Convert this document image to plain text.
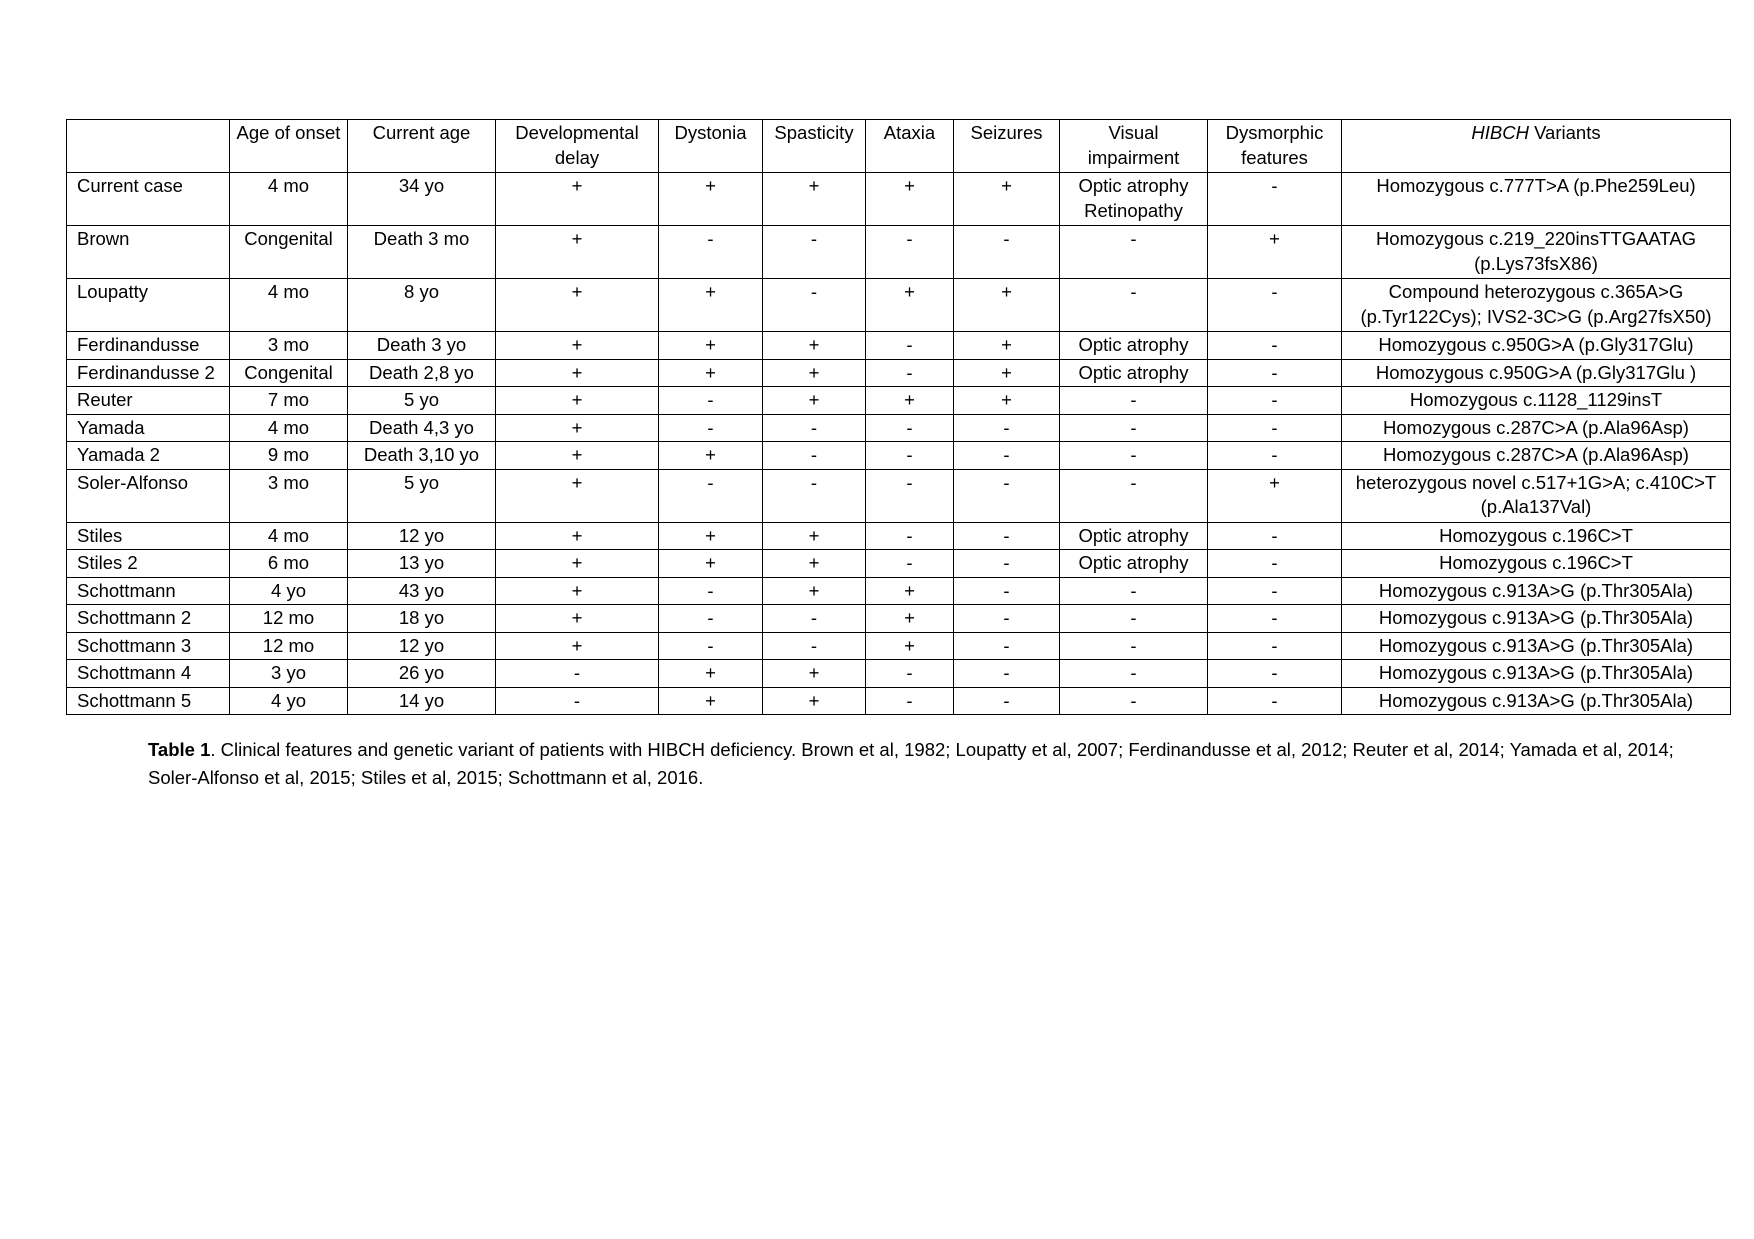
	Age of onset	Current age	Developmental delay	Dystonia	Spasticity	Ataxia	Seizures	Visual impairment	Dysmorphic features	HIBCH Variants
Current case	4 mo	34 yo	+	+	+	+	+	Optic atrophy Retinopathy	-	Homozygous c.777T>A (p.Phe259Leu)
Brown	Congenital	Death 3 mo	+	-	-	-	-	-	+	Homozygous c.219_220insTTGAATAG (p.Lys73fsX86)
Loupatty	4 mo	8 yo	+	+	-	+	+	-	-	Compound heterozygous c.365A>G (p.Tyr122Cys); IVS2-3C>G (p.Arg27fsX50)
Ferdinandusse	3 mo	Death 3 yo	+	+	+	-	+	Optic atrophy	-	Homozygous c.950G>A (p.Gly317Glu)
Ferdinandusse 2	Congenital	Death 2,8 yo	+	+	+	-	+	Optic atrophy	-	Homozygous c.950G>A (p.Gly317Glu )
Reuter	7 mo	5 yo	+	-	+	+	+	-	-	Homozygous c.1128_1129insT
Yamada	4 mo	Death 4,3 yo	+	-	-	-	-	-	-	Homozygous c.287C>A (p.Ala96Asp)
Yamada 2	9 mo	Death 3,10 yo	+	+	-	-	-	-	-	Homozygous c.287C>A (p.Ala96Asp)
Soler-Alfonso	3 mo	5 yo	+	-	-	-	-	-	+	heterozygous novel c.517+1G>A; c.410C>T (p.Ala137Val)
Stiles	4 mo	12 yo	+	+	+	-	-	Optic atrophy	-	Homozygous c.196C>T
Stiles 2	6 mo	13 yo	+	+	+	-	-	Optic atrophy	-	Homozygous c.196C>T
Schottmann	4 yo	43 yo	+	-	+	+	-	-	-	Homozygous c.913A>G (p.Thr305Ala)
Schottmann 2	12 mo	18 yo	+	-	-	+	-	-	-	Homozygous c.913A>G (p.Thr305Ala)
Schottmann 3	12 mo	12 yo	+	-	-	+	-	-	-	Homozygous c.913A>G (p.Thr305Ala)
Schottmann 4	3 yo	26 yo	-	+	+	-	-	-	-	Homozygous c.913A>G (p.Thr305Ala)
Schottmann 5	4 yo	14 yo	-	+	+	-	-	-	-	Homozygous c.913A>G (p.Thr305Ala)
Table 1. Clinical features and genetic variant of patients with HIBCH deficiency. Brown et al, 1982; Loupatty et al, 2007; Ferdinandusse et al, 2012; Reuter et al, 2014; Yamada et al, 2014; Soler-Alfonso et al, 2015; Stiles et al, 2015; Schottmann et al, 2016.
